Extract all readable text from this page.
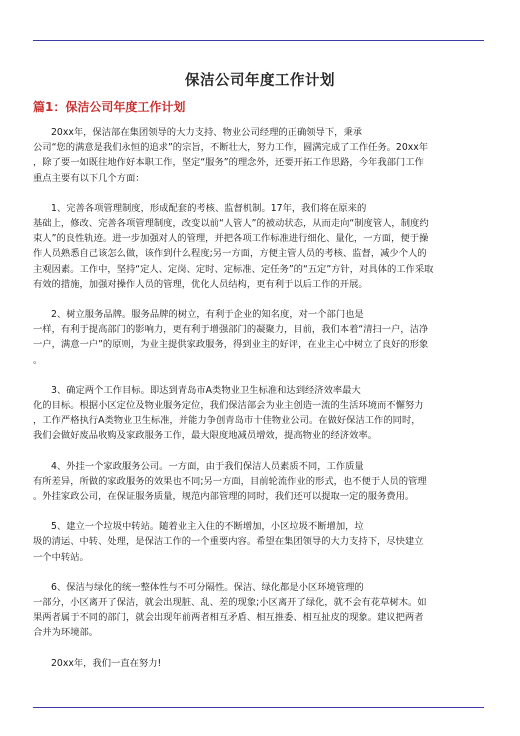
保洁公司年度工作计划
篇1：保洁公司年度工作计划
20xx年，保洁部在集团领导的大力支持、物业公司经理的正确领导下，秉承
公司“您的满意是我们永恒的追求”的宗旨，不断壮大，努力工作，圆满完成了工作任务。20xx年
，除了要一如既往地作好本职工作，坚定“服务”的理念外，还要开拓工作思路，今年我部门工作
重点主要有以下几个方面：
1、完善各项管理制度，形成配套的考核、监督机制。17年，我们将在原来的
基础上，修改、完善各项管理制度，改变以前“人管人”的被动状态，从而走向“制度管人，制度约
束人”的良性轨迹。进一步加强对人的管理，并把各项工作标准进行细化、量化，一方面，便于操
作人员熟悉自己该怎么做，该作到什么程度;另一方面，方便主管人员的考核、监督，减少个人的
主观因素。工作中，坚持“定人、定岗、定时、定标准、定任务”的“五定”方针，对具体的工作采取
有效的措施，加强对操作人员的管理，优化人员结构，更有利于以后工作的开展。
2、树立服务品牌。服务品牌的树立，有利于企业的知名度，对一个部门也是
一样，有利于提高部门的影响力，更有利于增强部门的凝聚力，目前，我们本着“清扫一户，洁净
一户，满意一户”的原则，为业主提供家政服务，得到业主的好评，在业主心中树立了良好的形象
。
3、确定两个工作目标。即达到青岛市A类物业卫生标准和达到经济效率最大
化的目标。根据小区定位及物业服务定位，我们保洁部会为业主创造一流的生活环境而不懈努力
，工作严格执行A类物业卫生标准，并能力争创青岛市十佳物业公司。在做好保洁工作的同时，
我们会做好废品收购及家政服务工作，最大限度地减员增效，提高物业的经济效率。
4、外挂一个家政服务公司。一方面，由于我们保洁人员素质不同，工作质量
有所差异，所做的家政服务的效果也不同;另一方面，目前轮流作业的形式，也不便于人员的管理
。外挂家政公司，在保证服务质量，规范内部管理的同时，我们还可以提取一定的服务费用。
5、建立一个垃圾中转站。随着业主入住的不断增加，小区垃圾不断增加，垃
圾的清运、中转、处理，是保洁工作的一个重要内容。希望在集团领导的大力支持下，尽快建立
一个中转站。
6、保洁与绿化的统一整体性与不可分隔性。保洁、绿化都是小区环境管理的
一部分，小区离开了保洁，就会出现脏、乱、差的现象;小区离开了绿化，就不会有花草树木。如
果两者属于不同的部门，就会出现年前两者相互矛盾、相互推委、相互扯皮的现象。建议把两者
合并为环境部。
20xx年，我们一直在努力!
